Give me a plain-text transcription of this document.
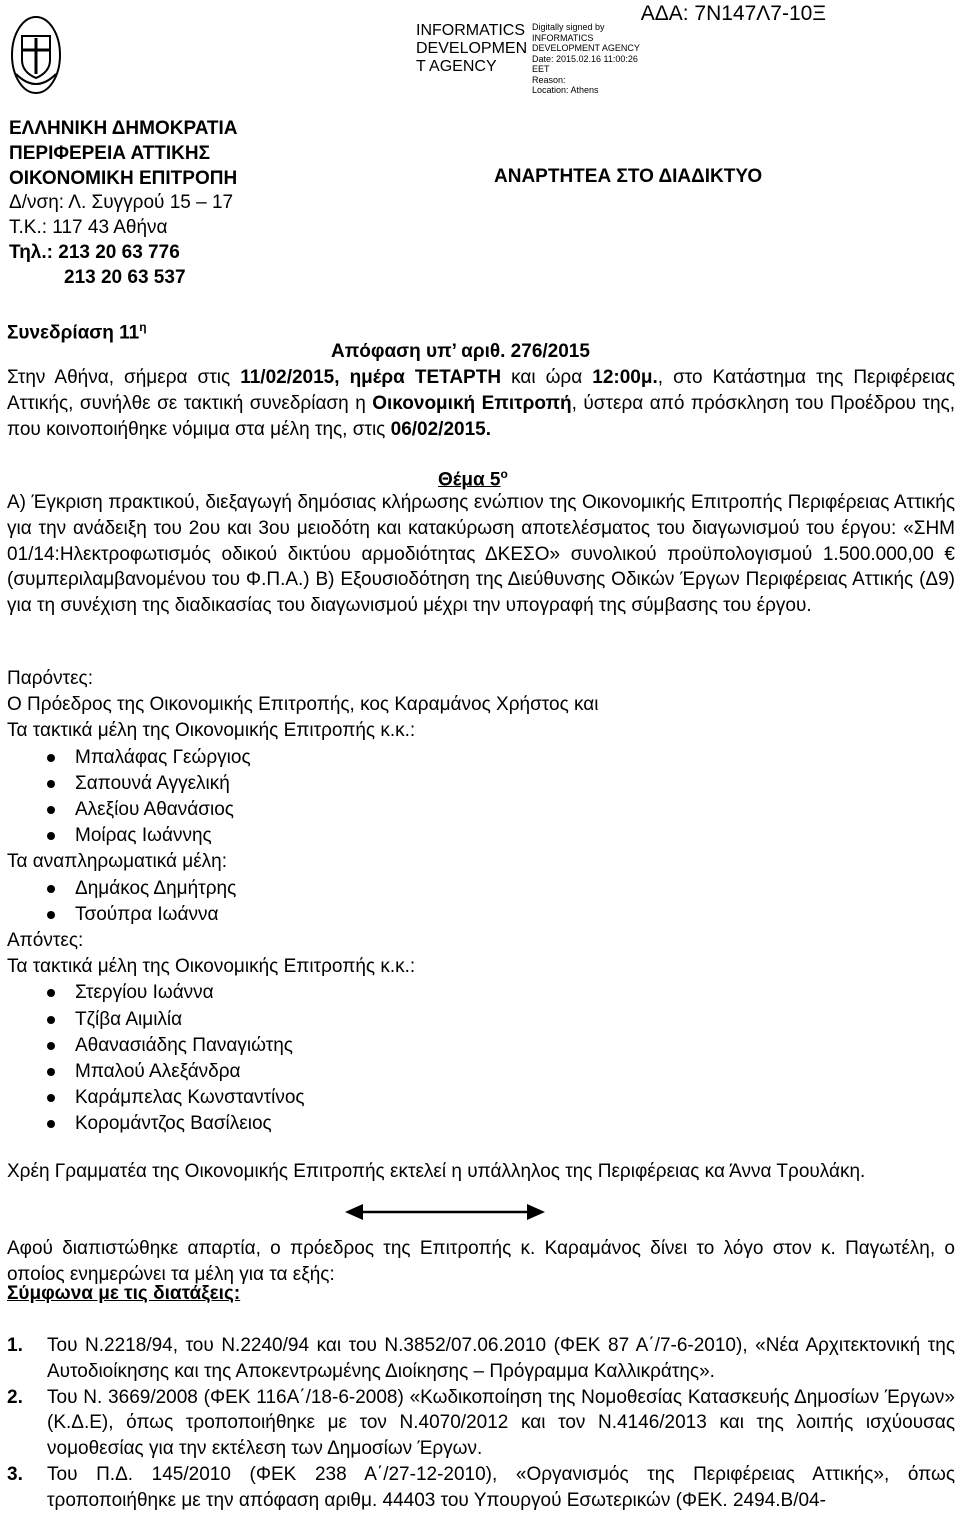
ΑΔΑ: 7Ν147Λ7-10Ξ
INFORMATICS
DEVELOPMEN
T AGENCY
Digitally signed by
INFORMATICS
DEVELOPMENT AGENCY
Date: 2015.02.16 11:00:26
EET
Reason:
Location: Athens
ΕΛΛΗΝΙΚΗ ΔΗΜΟΚΡΑΤΙΑ
ΠΕΡΙΦΕΡΕΙΑ ΑΤΤΙΚΗΣ
ΟΙΚΟΝΟΜΙΚΗ ΕΠΙΤΡΟΠΗ
Δ/νση: Λ. Συγγρού 15 – 17
Τ.Κ.: 117 43 Αθήνα
Τηλ.: 213 20 63 776
213 20 63 537
ΑΝΑΡΤΗΤΕΑ ΣΤΟ ΔΙΑΔΙΚΤΥΟ
Συνεδρίαση $11^\eta$
Απόφαση υπ’ αριθ. 276/2015
Στην Αθήνα, σήμερα στις 11/02/2015, ημέρα ΤΕΤΑΡΤΗ και ώρα 12:00μ., στο Κατάστημα της Περιφέρειας Αττικής, συνήλθε σε τακτική συνεδρίαση η Οικονομική Επιτροπή, ύστερα από πρόσκληση του Προέδρου της, που κοινοποιήθηκε νόμιμα στα μέλη της, στις 06/02/2015.
Θέμα $5^o$
Α) Έγκριση πρακτικού, διεξαγωγή δημόσιας κλήρωσης ενώπιον της Οικονομικής Επιτροπής Περιφέρειας Αττικής για την ανάδειξη του 2ου και 3ου μειοδότη και κατακύρωση αποτελέσματος του διαγωνισμού του έργου: «ΣΗΜ 01/14:Ηλεκτροφωτισμός οδικού δικτύου αρμοδιότητας ΔΚΕΣΟ» συνολικού προϋπολογισμού 1.500.000,00 € (συμπεριλαμβανομένου του Φ.Π.Α.) Β) Εξουσιοδότηση της Διεύθυνσης Οδικών Έργων Περιφέρειας Αττικής (Δ9) για τη συνέχιση της διαδικασίας του διαγωνισμού μέχρι την υπογραφή της σύμβασης του έργου.
Παρόντες:
Ο Πρόεδρος της Οικονομικής Επιτροπής, κος Καραμάνος Χρήστος και
Τα τακτικά μέλη της Οικονομικής Επιτροπής κ.κ.:
Μπαλάφας Γεώργιος
Σαπουνά Αγγελική
Αλεξίου Αθανάσιος
Μοίρας Ιωάννης
Τα αναπληρωματικά μέλη:
Δημάκος Δημήτρης
Τσούπρα Ιωάννα
Απόντες:
Τα τακτικά μέλη της Οικονομικής Επιτροπής κ.κ.:
Στεργίου Ιωάννα
Τζίβα Αιμιλία
Αθανασιάδης Παναγιώτης
Μπαλού Αλεξάνδρα
Καράμπελας Κωνσταντίνος
Κορομάντζος Βασίλειος
Χρέη Γραμματέα της Οικονομικής Επιτροπής εκτελεί η υπάλληλος της Περιφέρειας κα Άννα Τρουλάκη.
Αφού διαπιστώθηκε απαρτία, ο πρόεδρος της Επιτροπής κ. Καραμάνος δίνει το λόγο στον κ. Παγωτέλη, ο οποίος ενημερώνει τα μέλη για τα εξής:
Σύμφωνα με τις διατάξεις:
1. Του Ν.2218/94, του Ν.2240/94 και του Ν.3852/07.06.2010 (ΦΕΚ 87 Α΄/7-6-2010), «Νέα Αρχιτεκτονική της Αυτοδιοίκησης και της Αποκεντρωμένης Διοίκησης – Πρόγραμμα Καλλικράτης».
2. Του Ν. 3669/2008 (ΦΕΚ 116Α΄/18-6-2008) «Κωδικοποίηση της Νομοθεσίας Κατασκευής Δημοσίων Έργων» (Κ.Δ.Ε), όπως τροποποιήθηκε με τον Ν.4070/2012 και τον Ν.4146/2013 και της λοιπής ισχύουσας νομοθεσίας για την εκτέλεση των Δημοσίων Έργων.
3. Του Π.Δ. 145/2010 (ΦΕΚ 238 Α΄/27-12-2010), «Οργανισμός της Περιφέρειας Αττικής», όπως τροποποιήθηκε με την απόφαση αριθμ. 44403 του Υπουργού Εσωτερικών (ΦΕΚ. 2494.Β/04-
